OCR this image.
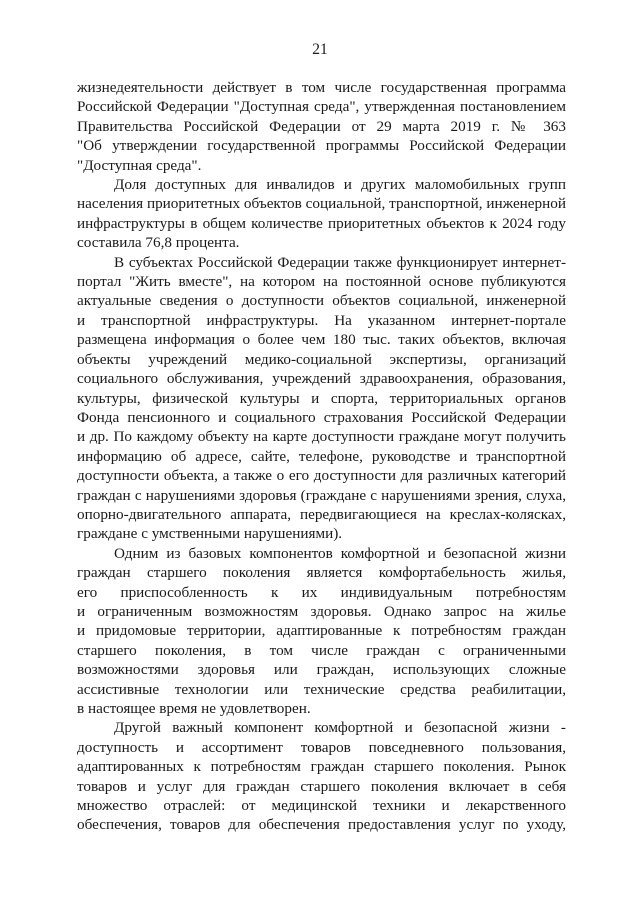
21

жизнедеятельности действует в том числе государственная программа
Российской Федерации "Доступная среда", утвержденная постановлением
Правительства Российской Федерации от 29 марта 2019 г. № 363
"Об утверждении государственной программы Российской Федерации
"Доступная среда".

Доля доступных для инвалидов и других маломобильных групп
населения приоритетных объектов социальной, транспортной, инженерной
инфраструктуры в общем количестве приоритетных объектов к 2024 году
составила 76,8 процента.

В субъектах Российской Федерации также функционирует интернет-
портал "Жить вместе", на котором на постоянной основе публикуются
актуальные сведения о доступности объектов социальной, инженерной
и транспортной инфраструктуры. На указанном интернет-портале
размещена информация о более чем 180 тыс. таких объектов, включая
объекты учреждений медико-социальной экспертизы, организаций
социального обслуживания, учреждений здравоохранения, образования,
культуры, физической культуры и спорта, территориальных органов
Фонда пенсионного и социального страхования Российской Федерации
и др. По каждому объекту на карте доступности граждане могут получить
информацию об адресе, сайте, телефоне, руководстве и транспортной
доступности объекта, а также о его доступности для различных категорий
граждан с нарушениями здоровья (граждане с нарушениями зрения, слуха,
опорно-двигательного аппарата, передвигающиеся на креслах-колясках,
граждане с умственными нарушениями).

Одним из базовых компонентов комфортной и безопасной жизни
граждан старшего поколения является комфортабельность жилья,
его приспособленность к их индивидуальным потребностям
и ограниченным возможностям здоровья. Однако запрос на жилье
и придомовые территории, адаптированные к потребностям граждан
старшего поколения, в том числе граждан с ограниченными
возможностями здоровья или граждан, использующих сложные
ассистивные технологии или технические средства реабилитации,
в настоящее время не удовлетворен.

Другой важный компонент комфортной и безопасной жизни -
доступность и ассортимент товаров повседневного пользования,
адаптированных к потребностям граждан старшего поколения. Рынок
товаров и услуг для граждан старшего поколения включает в себя
множество отраслей: от медицинской техники и лекарственного
обеспечения, товаров для обеспечения предоставления услуг по уходу,
